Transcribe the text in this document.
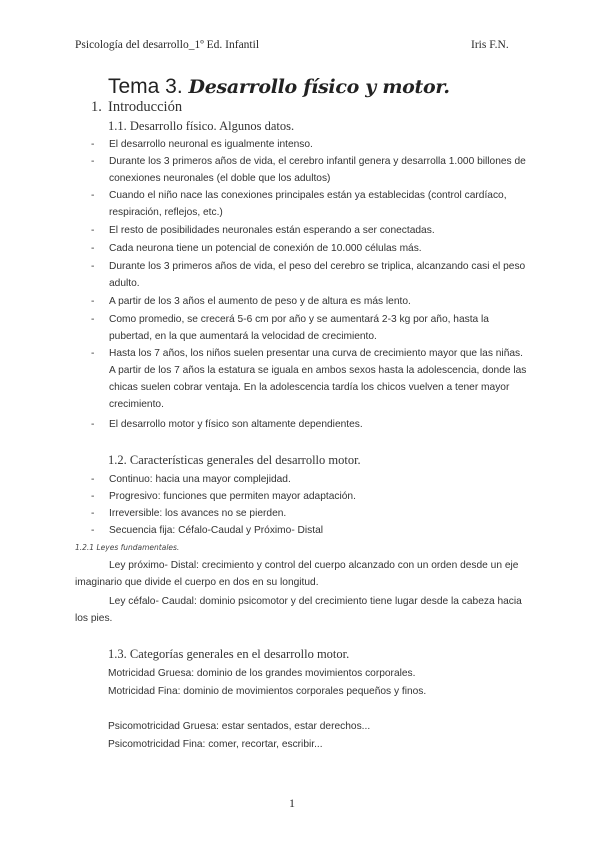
Psicología del desarrollo_1º Ed. Infantil	Iris F.N.
Tema 3. Desarrollo físico y motor.
1. Introducción
1.1. Desarrollo físico. Algunos datos.
- El desarrollo neuronal es igualmente intenso.
- Durante los 3 primeros años de vida, el cerebro infantil genera y desarrolla 1.000 billones de conexiones neuronales (el doble que los adultos)
- Cuando el niño nace las conexiones principales están ya establecidas (control cardíaco, respiración, reflejos, etc.)
- El resto de posibilidades neuronales están esperando a ser conectadas.
- Cada neurona tiene un potencial de conexión de 10.000 células más.
- Durante los 3 primeros años de vida, el peso del cerebro se triplica, alcanzando casi el peso adulto.
- A partir de los 3 años el aumento de peso y de altura es más lento.
- Como promedio, se crecerá 5-6 cm por año y se aumentará 2-3 kg por año, hasta la pubertad, en la que aumentará la velocidad de crecimiento.
- Hasta los 7 años, los niños suelen presentar una curva de crecimiento mayor que las niñas. A partir de los 7 años la estatura se iguala en ambos sexos hasta la adolescencia, donde las chicas suelen cobrar ventaja. En la adolescencia tardía los chicos vuelven a tener mayor crecimiento.
- El desarrollo motor y físico son altamente dependientes.
1.2. Características generales del desarrollo motor.
- Continuo: hacia una mayor complejidad.
- Progresivo: funciones que permiten mayor adaptación.
- Irreversible: los avances no se pierden.
- Secuencia fija: Céfalo-Caudal y Próximo- Distal
1.2.1 Leyes fundamentales.
Ley próximo- Distal: crecimiento y control del cuerpo alcanzado con un orden desde un eje imaginario que divide el cuerpo en dos en su longitud.
Ley céfalo- Caudal: dominio psicomotor y del crecimiento tiene lugar desde la cabeza hacia los pies.
1.3. Categorías generales en el desarrollo motor.
Motricidad Gruesa: dominio de los grandes movimientos corporales.
Motricidad Fina: dominio de movimientos corporales pequeños y finos.
Psicomotricidad Gruesa: estar sentados, estar derechos...
Psicomotricidad Fina: comer, recortar, escribir...
1
